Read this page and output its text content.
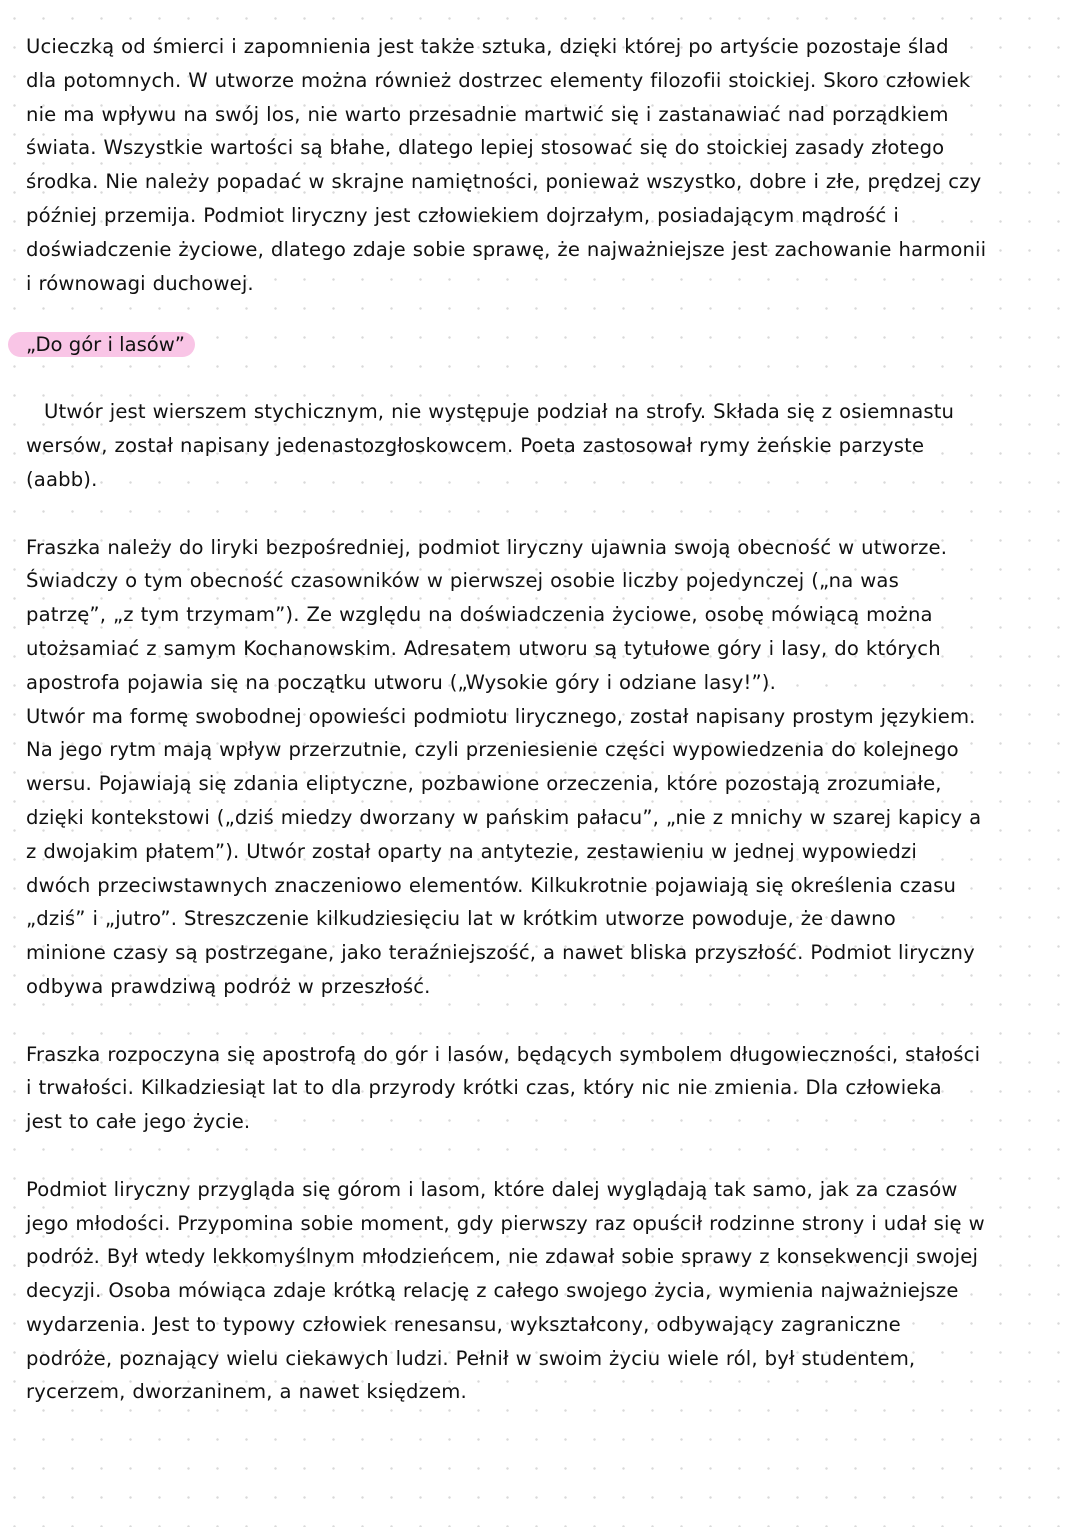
Ucieczką od śmierci i zapomnienia jest także sztuka, dzięki której po artyście pozostaje ślad
dla potomnych. W utworze można również dostrzec elementy filozofii stoickiej. Skoro człowiek
nie ma wpływu na swój los, nie warto przesadnie martwić się i zastanawiać nad porządkiem
świata. Wszystkie wartości są błahe, dlatego lepiej stosować się do stoickiej zasady złotego
środka. Nie należy popadać w skrajne namiętności, ponieważ wszystko, dobre i złe, prędzej czy
później przemija. Podmiot liryczny jest człowiekiem dojrzałym, posiadającym mądrość i
doświadczenie życiowe, dlatego zdaje sobie sprawę, że najważniejsze jest zachowanie harmonii
i równowagi duchowej.

„Do gór i lasów”

Utwór jest wierszem stychicznym, nie występuje podział na strofy. Składa się z osiemnastu
wersów, został napisany jedenastozgłoskowcem. Poeta zastosował rymy żeńskie parzyste
(aabb).

Fraszka należy do liryki bezpośredniej, podmiot liryczny ujawnia swoją obecność w utworze.
Świadczy o tym obecność czasowników w pierwszej osobie liczby pojedynczej („na was
patrzę”, „z tym trzymam”). Ze względu na doświadczenia życiowe, osobę mówiącą można
utożsamiać z samym Kochanowskim. Adresatem utworu są tytułowe góry i lasy, do których
apostrofa pojawia się na początku utworu („Wysokie góry i odziane lasy!”).
Utwór ma formę swobodnej opowieści podmiotu lirycznego, został napisany prostym językiem.
Na jego rytm mają wpływ przerzutnie, czyli przeniesienie części wypowiedzenia do kolejnego
wersu. Pojawiają się zdania eliptyczne, pozbawione orzeczenia, które pozostają zrozumiałe,
dzięki kontekstowi („dziś miedzy dworzany w pańskim pałacu”, „nie z mnichy w szarej kapicy a
z dwojakim płatem”). Utwór został oparty na antytezie, zestawieniu w jednej wypowiedzi
dwóch przeciwstawnych znaczeniowo elementów. Kilkukrotnie pojawiają się określenia czasu
„dziś” i „jutro”. Streszczenie kilkudziesięciu lat w krótkim utworze powoduje, że dawno
minione czasy są postrzegane, jako teraźniejszość, a nawet bliska przyszłość. Podmiot liryczny
odbywa prawdziwą podróż w przeszłość.

Fraszka rozpoczyna się apostrofą do gór i lasów, będących symbolem długowieczności, stałości
i trwałości. Kilkadziesiąt lat to dla przyrody krótki czas, który nic nie zmienia. Dla człowieka
jest to całe jego życie.

Podmiot liryczny przygląda się górom i lasom, które dalej wyglądają tak samo, jak za czasów
jego młodości. Przypomina sobie moment, gdy pierwszy raz opuścił rodzinne strony i udał się w
podróż. Był wtedy lekkomyślnym młodzieńcem, nie zdawał sobie sprawy z konsekwencji swojej
decyzji. Osoba mówiąca zdaje krótką relację z całego swojego życia, wymienia najważniejsze
wydarzenia. Jest to typowy człowiek renesansu, wykształcony, odbywający zagraniczne
podróże, poznający wielu ciekawych ludzi. Pełnił w swoim życiu wiele ról, był studentem,
rycerzem, dworzaninem, a nawet księdzem.
